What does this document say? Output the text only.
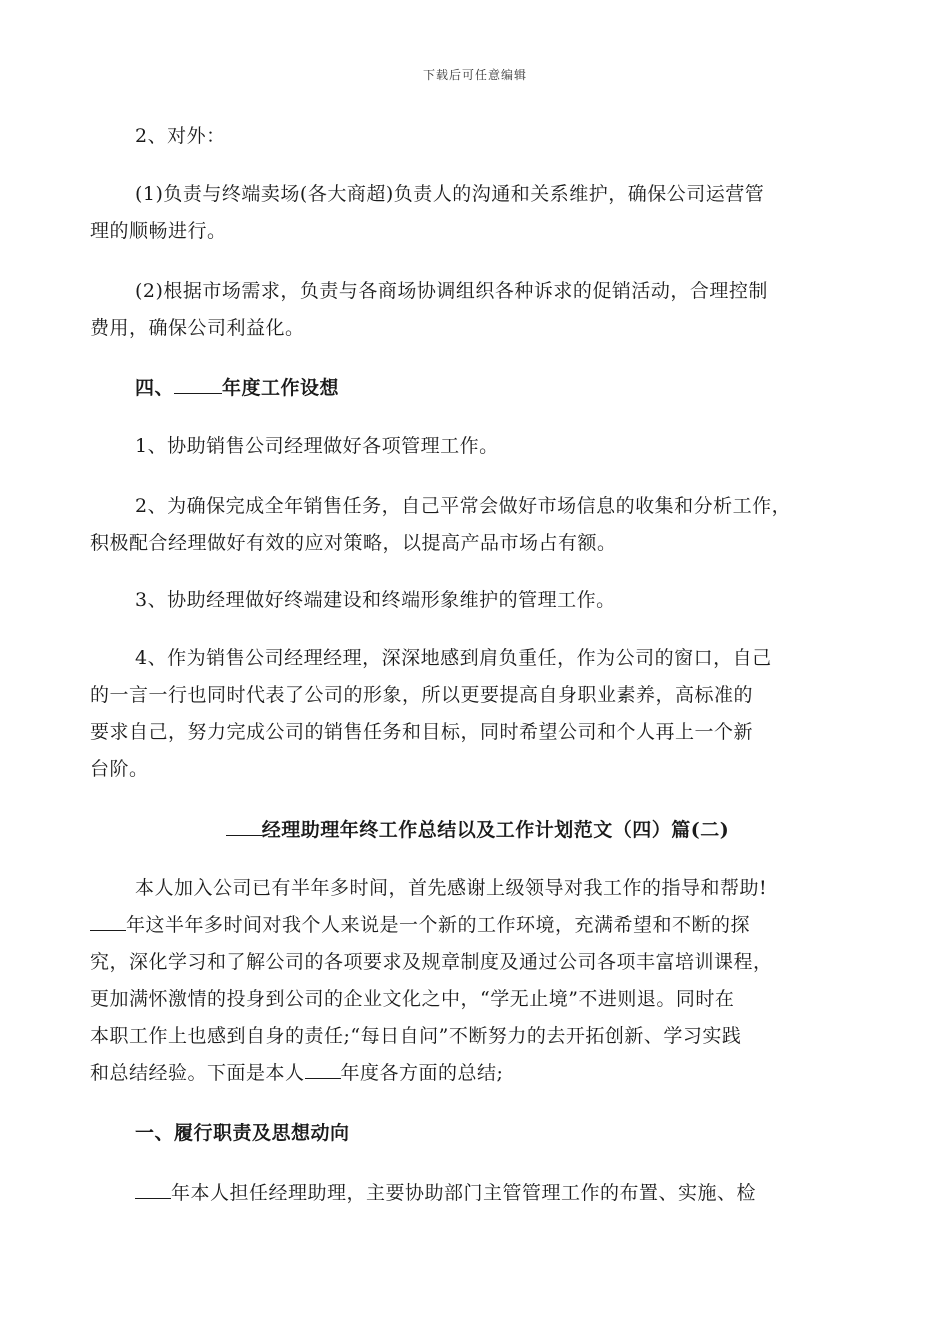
下载后可任意编辑
2、对外：
(1)负责与终端卖场(各大商超)负责人的沟通和关系维护，确保公司运营管
理的顺畅进行。
(2)根据市场需求，负责与各商场协调组织各种诉求的促销活动，合理控制
费用，确保公司利益化。
四、	年度工作设想
1、协助销售公司经理做好各项管理工作。
2、为确保完成全年销售任务，自己平常会做好市场信息的收集和分析工作，
积极配合经理做好有效的应对策略，以提高产品市场占有额。
3、协助经理做好终端建设和终端形象维护的管理工作。
4、作为销售公司经理经理，深深地感到肩负重任，作为公司的窗口，自己
的一言一行也同时代表了公司的形象，所以更要提高自身职业素养，高标准的
要求自己，努力完成公司的销售任务和目标，同时希望公司和个人再上一个新
台阶。
经理助理年终工作总结以及工作计划范文（四）篇(二)
本人加入公司已有半年多时间，首先感谢上级领导对我工作的指导和帮助!
年这半年多时间对我个人来说是一个新的工作环境，充满希望和不断的探
究，深化学习和了解公司的各项要求及规章制度及通过公司各项丰富培训课程，
更加满怀激情的投身到公司的企业文化之中，“学无止境”不进则退。同时在
本职工作上也感到自身的责任;“每日自问”不断努力的去开拓创新、学习实践
和总结经验。下面是本人 年度各方面的总结;
一、履行职责及思想动向
年本人担任经理助理，主要协助部门主管管理工作的布置、实施、检
